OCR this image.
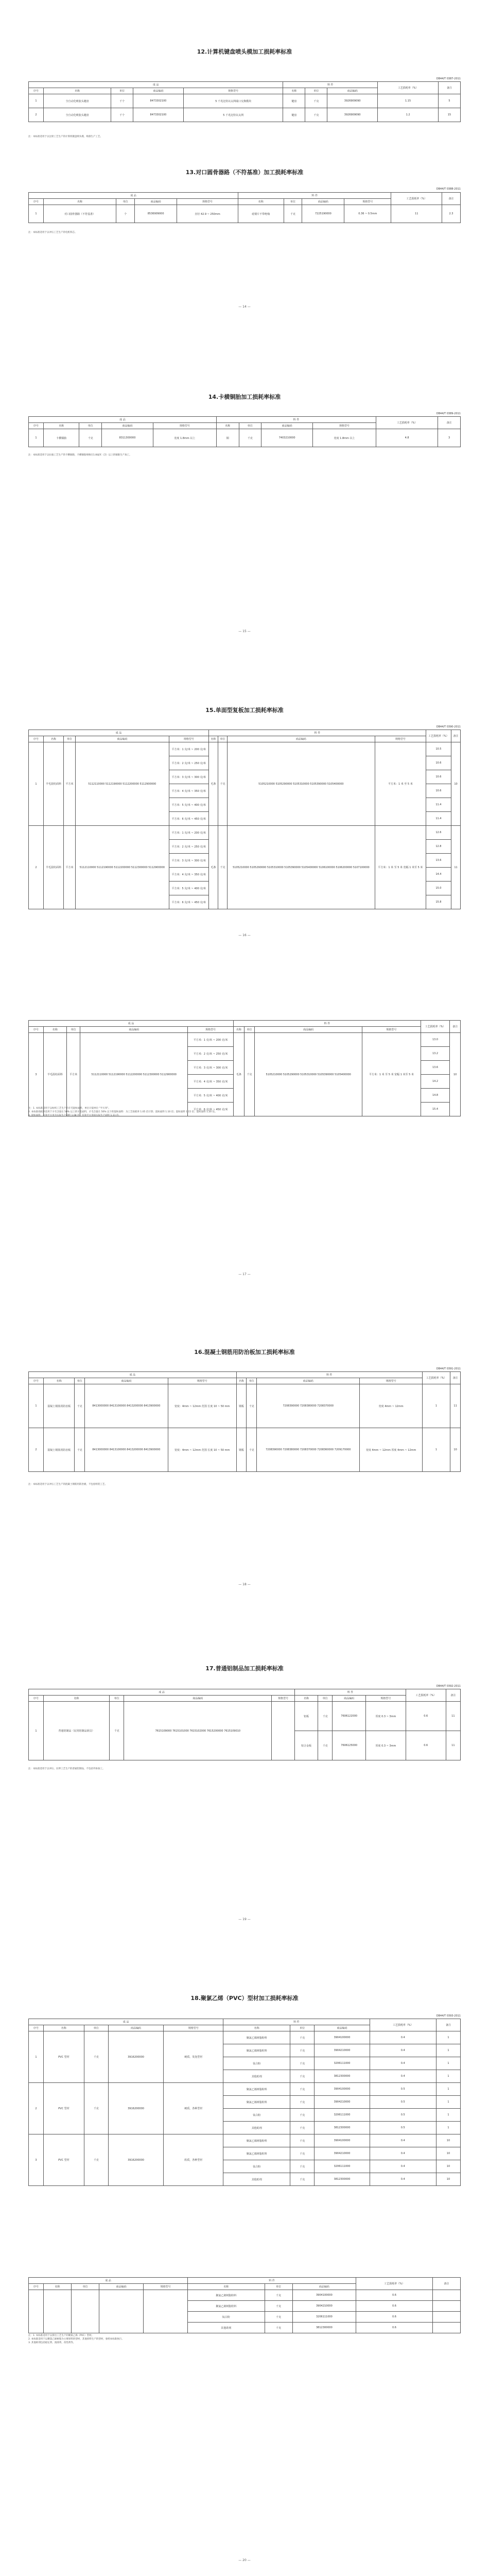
12.计算机键盘喷头模加工损耗率标准
DB44/T 0387-2011
成 品					料 件			工艺损耗率（%）	备注
序号	名称	单位	商品编码	规格型号	名称	单位	商品编码		
1	全自动化喷胶头键盘	千个	8473302100	5 千兆比特以太网端口交换模块	键盘	千克	3926909090	1.15	5
2	全自动化喷胶头键盘	千个	8473302100	5 千兆比特以太网	键盘	千克	3926909090	1.2	15
注：本标准适用于以注射工艺生产的计算机键盘喷头模，喷漆生产工艺。
— 14 —
13.对口圆骨器路（不符基准）加工损耗率标准
DB44/T 0388-2011
成 品					料 件				工艺损耗率（%）	备注
序号	名称	单位	商品编码	规格型号	名称	单位	商品编码	规格型号		
1	对口圆骨器路（不符基准）	个	8536909000	直径 42.9 ~ 250mm	硅钢片不带绝缘	千克	7225190000	0.36 ~ 0.5mm	11	2.3
注：本标准适用于以冲压工艺生产的电机铁芯。
14.卡横铜胎加工损耗率标准
DB44/T 0389-2011
成 品					料 件				工艺损耗率（%）	备注
序号	名称	单位	商品编码	规格型号	名称	单位	商品编码	规格型号		
1	卡横铜胎	千克	8311300000	宽度 1.8mm 以上	铜	千克	7403210000	宽度 1.8mm 以上	4.8	3
注：本标准适用于以拉拔工艺生产的卡横铜胎，卡横铜胎规格在1.8毫米（含）以上的铜胎生产加工。
— 15 —
15.单面型复板加工损耗率标准
DB44/T 0390-2011
成 品					料 件				工艺损耗率（%）	备注
序号	名称	单位	商品编码	规格型号	名称	单位	商品编码	规格型号		
1	羊毛混纺面料	平方米	5112110000 5112190000 5112200000 5112900000	平方米：1 克/米 ~ 200 克/米	毛条	千克	5105210000 5105290000 5105310000 5105390000 5105400000	平方米：1 米 至 5 米	10.5	10
				平方米：2 克/米 ~ 250 克/米					10.6	
				平方米：3 克/米 ~ 300 克/米					10.6	
				平方米：4 克/米 ~ 350 克/米					10.6	
				平方米：5 克/米 ~ 400 克/米					11.4	
				平方米：6 克/米 ~ 450 克/米					11.4	
2	羊毛混纺面料	平方米	5112110000 5112190000 5112200000 5112300000 5112900000	平方米：1 克/米 ~ 200 克/米	毛条	千克	5105210000 5105290000 5105310000 5105390000 5105400000 5106100000 5106200000 5107100000	平方米：1 米 至 5 米 宽幅 1 米至 5 米	12.6	11
				平方米：2 克/米 ~ 250 克/米					12.8	
				平方米：3 克/米 ~ 300 克/米					13.6	
				平方米：4 克/米 ~ 350 克/米					14.4	
				平方米：5 克/米 ~ 400 克/米					15.0	
				平方米：6 克/米 ~ 450 克/米					15.8	
— 16 —
成 品					料 件				工艺损耗率（%）	备注
序号	名称	单位	商品编码	规格型号	名称	单位	商品编码	规格型号		
3	羊毛混纺面料	平方米	5112110000 5112190000 5112200000 5112300000 5112900000	平方米：1 克/米 ~ 200 克/米	毛条	千克	5105210000 5105290000 5105310000 5105390000 5105400000	平方米：1 米 至 5 米 宽幅 1 米至 5 米	13.0	10
				平方米：2 克/米 ~ 250 克/米					13.2	
				平方米：3 克/米 ~ 300 克/米					13.6	
				平方米：4 克/米 ~ 350 克/米					14.2	
				平方米：5 克/米 ~ 400 克/米					14.8	
				平方米：6 克/米 ~ 450 克/米					15.4	
注：1. 本标准适用于以纺织工艺生产的羊毛混纺面料，单位计量单位 "平方米"。
2. 本标准损耗率适用于羊毛含量在 50% 以上的羊毛面料，羊毛含量在 50% 以下的混纺面料：为工艺损耗率 1.05 倍计算；混纺面料 1.10 倍；混纺面料 1.15 倍；混纺面料 1.20 倍。
3. 混纺面料，有效平方米为实际生产面积 1.08 倍，有效平方米按实际生产面积 1.11 倍。
— 17 —
16.混凝土钢筋用防治板加工损耗率标准
DB44/T 0391-2011
成 品					料 件				工艺损耗率（%）	备注
序号	名称	单位	商品编码	规格型号	名称	单位	商品编码	规格型号		
1	混凝土钢筋用防治板	千克	8413000000 8413100000 8413200000 8413900000	宽度：4mm ~ 12mm 范围 长度 10 ~ 50 mm	钢板	千克	7208390000 7208380000 7208370000	宽度 4mm ~ 12mm	1	11
2	混凝土钢筋用防治板	千克	8413000000 8413100000 8413200000 8413900000	宽度：4mm ~ 12mm 范围 长度 10 ~ 50 mm	钢板	千克	7208390000 7208380000 7208370000 7208360000 7209170000	宽度 4mm ~ 12mm 厚度 4mm ~ 12mm	1	10
注：本标准适用于以冲压工艺生产的混凝土钢筋用防治板，不包括组装工艺。
— 18 —
17.普通铝制品加工损耗率标准
DB44/T 0392-2011
成 品					料 件				工艺损耗率（%）	备注
序号	名称	单位	商品编码	规格型号	名称	单位	商品编码	规格型号		
1	普通铝制品（民用铝制品厨具）	千克	7615109000 7615101000 7615102000 7615200000 7615109010		铝板	千克	7606122000	厚度 0.3 ~ 3mm	0.6	11
					铝合金板	千克	7606125000	厚度 0.3 ~ 3mm	0.6	11
注：本标准适用于以冲压、拉伸工艺生产的普通铝制品，不包括外协加工。
— 19 —
18.聚氯乙烯（PVC）型材加工损耗率标准
DB44/T 0393-2011
成 品					料 件			工艺损耗率（%）	备注
序号	名称	单位	商品编码	规格型号	名称	单位	商品编码		
1	PVC 型材	千克	3916200000	硬质、发泡型材	聚氯乙烯树脂粉料	千克	3904100000	0.4	1
					聚氯乙烯树脂粒料	千克	3904210000	0.4	1
					钛白粉	千克	3206111000	0.4	1
					其他助剂	千克	3812300000	0.4	1
2	PVC 型材	千克	3916200000	硬质，各种型材	聚氯乙烯树脂粉料	千克	3904100000	0.5	1
					聚氯乙烯树脂粒料	千克	3904210000	0.5	1
					钛白粉	千克	3206111000	0.5	1
					其他助剂	千克	3812300000	0.5	1
3	PVC 型材	千克	3916200000	软质，各种型材	聚氯乙烯树脂粉料	千克	3904100000	0.4	10
					聚氯乙烯树脂粒料	千克	3904210000	0.4	10
					钛白粉	千克	3206111000	0.4	10
					其他助剂	千克	3812300000	0.4	10
成 品					料 件			工艺损耗率（%）	备注
序号	名称	单位	商品编码	规格型号	名称	单位	商品编码		
					聚氯乙烯树脂粉料	千克	3904100000	0.6	
					聚氯乙烯树脂粒料	千克	3904210000	0.6	
					钛白粉	千克	3206111000	0.6	
					其他助剂	千克	3812300000	0.6	
注：1. 本标准适用于以挤出工艺生产的聚氯乙烯（PVC）型材。
2. 本标准适用于以聚氯乙烯树脂为主要原料的型材，其他原料生产的型材，参照本标准执行。
3. 其他助剂包括稳定剂、润滑剂、改性剂等。
— 20 —
